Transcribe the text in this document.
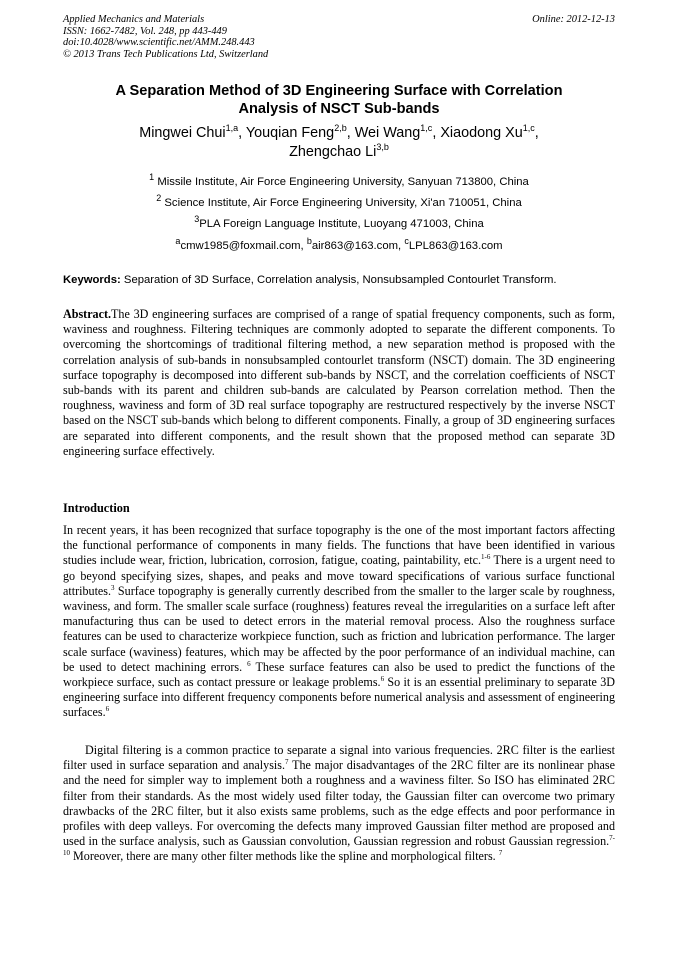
Applied Mechanics and Materials
ISSN: 1662-7482, Vol. 248, pp 443-449
doi:10.4028/www.scientific.net/AMM.248.443
© 2013 Trans Tech Publications Ltd, Switzerland
Online: 2012-12-13
A Separation Method of 3D Engineering Surface with Correlation
Analysis of NSCT Sub-bands
Mingwei Chui$^{1,a}$, Youqian Feng$^{2,b}$, Wei Wang$^{1,c}$, Xiaodong Xu$^{1,c}$,
Zhengchao Li$^{3,b}$
$^1$ Missile Institute, Air Force Engineering University, Sanyuan 713800, China
$^2$ Science Institute, Air Force Engineering University, Xi'an 710051, China
$^3$PLA Foreign Language Institute, Luoyang 471003, China
$^a$cmw1985@foxmail.com, $^b$air863@163.com, $^c$LPL863@163.com
Keywords: Separation of 3D Surface, Correlation analysis, Nonsubsampled Contourlet Transform.
Abstract.The 3D engineering surfaces are comprised of a range of spatial frequency components, such as form, waviness and roughness. Filtering techniques are commonly adopted to separate the different components. To overcoming the shortcomings of traditional filtering method, a new separation method is proposed with the correlation analysis of sub-bands in nonsubsampled contourlet transform (NSCT) domain. The 3D engineering surface topography is decomposed into different sub-bands by NSCT, and the correlation coefficients of NSCT sub-bands with its parent and children sub-bands are calculated by Pearson correlation method. Then the roughness, waviness and form of 3D real surface topography are restructured respectively by the inverse NSCT based on the NSCT sub-bands which belong to different components. Finally, a group of 3D engineering surfaces are separated into different components, and the result shown that the proposed method can separate 3D engineering surface effectively.
Introduction
In recent years, it has been recognized that surface topography is the one of the most important factors affecting the functional performance of components in many fields. The functions that have been identified in various studies include wear, friction, lubrication, corrosion, fatigue, coating, paintability, etc.$^{1-6}$ There is a urgent need to go beyond specifying sizes, shapes, and peaks and move toward specifications of various surface functional attributes.$^3$ Surface topography is generally currently described from the smaller to the larger scale by roughness, waviness, and form. The smaller scale surface (roughness) features reveal the irregularities on a surface left after manufacturing thus can be used to detect errors in the material removal process. Also the roughness surface features can be used to characterize workpiece function, such as friction and lubrication performance. The larger scale surface (waviness) features, which may be affected by the poor performance of an individual machine, can be used to detect machining errors. $^6$ These surface features can also be used to predict the functions of the workpiece surface, such as contact pressure or leakage problems.$^6$ So it is an essential preliminary to separate 3D engineering surface into different frequency components before numerical analysis and assessment of engineering surfaces.$^6$
Digital filtering is a common practice to separate a signal into various frequencies. 2RC filter is the earliest filter used in surface separation and analysis.$^7$ The major disadvantages of the 2RC filter are its nonlinear phase and the need for simpler way to implement both a roughness and a waviness filter. So ISO has eliminated 2RC filter from their standards. As the most widely used filter today, the Gaussian filter can overcome two primary drawbacks of the 2RC filter, but it also exists same problems, such as the edge effects and poor performance in profiles with deep valleys. For overcoming the defects many improved Gaussian filter method are proposed and used in the surface analysis, such as Gaussian convolution, Gaussian regression and robust Gaussian regression.$^{7-10}$ Moreover, there are many other filter methods like the spline and morphological filters. $^7$
